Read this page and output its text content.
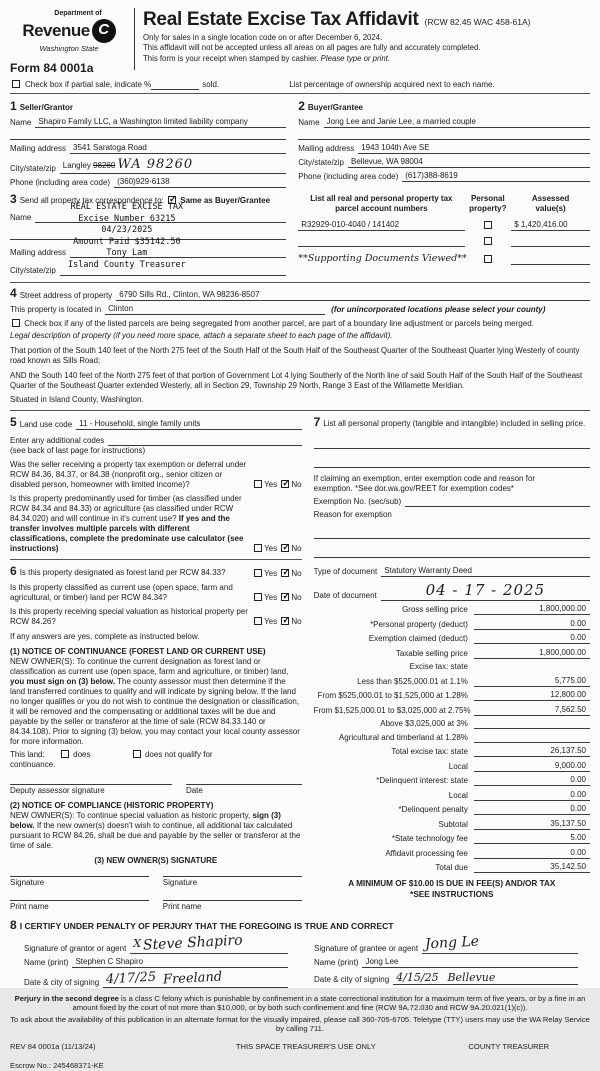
Department of
Revenue C
Washington State
Form 84 0001a
Real Estate Excise Tax Affidavit (RCW 82.45 WAC 458-61A)
Only for sales in a single location code on or after December 6, 2024.
This affidavit will not be accepted unless all areas on all pages are fully and accurately completed.
This form is your receipt when stamped by cashier. Please type or print.
Check box if partial sale, indicate %	sold.	List percentage of ownership acquired next to each name.
1 Seller/Grantor
Name Shapiro Family LLC, a Washington limited liability company
Mailing address 3541 Saratoga Road
City/state/zip Langley 98260 WA 98260
Phone (including area code) (360)929-6138
2 Buyer/Grantee
Name Jong Lee and Janie Lee, a married couple
Mailing address 1943 104th Ave SE
City/state/zip Bellevue, WA 98004
Phone (including area code) (617)388-8619
3 Send all property tax correspondence to: ✓ Same as Buyer/Grantee
REAL ESTATE EXCISE TAX
Excise Number 63215
04/23/2025
Amount Paid $35142.50
Tony Lam
Island County Treasurer
Name
Mailing address
City/state/zip
List all real and personal property tax parcel account numbers
Personal
property?
Assessed
value(s)
R32929-010-4040 / 141402	$ 1,420,416.00
**Supporting Documents Viewed**
4 Street address of property 6790 Sills Rd., Clinton, WA 98236-8507
This property is located in Clinton	(for unincorporated locations please select your county)
Check box if any of the listed parcels are being segregated from another parcel, are part of a boundary line adjustment or parcels being merged.
Legal description of property (if you need more space, attach a separate sheet to each page of the affidavit).

That portion of the South 140 feet of the North 275 feet of the South Half of the South Half of the Southeast Quarter of the Southeast Quarter lying Westerly of county road known as Sills Road;

AND the South 140 feet of the North 275 feet of that portion of Government Lot 4 lying Southerly of the North line of said South Half of the South Half of the Southeast Quarter of the Southeast Quarter extended Westerly, all in Section 29, Township 29 North, Range 3 East of the Willamette Meridian.

Situated in Island County, Washington.

5 Land use code 11 - Household, single family units
Enter any additional codes
(see back of last page for instructions)
Was the seller receiving a property tax exemption or deferral under RCW 84.36, 84.37, or 84.38 (nonprofit org., senior citizen or disabled person, homeowner with limited income)?	Yes ✓ No
Is this property predominantly used for timber (as classified under RCW 84.34 and 84.33) or agriculture (as classified under RCW 84.34.020) and will continue in it's current use? If yes and the transfer involves multiple parcels with different classifications, complete the predominate use calculator (see instructions)	Yes ✓ No
6 Is this property designated as forest land per RCW 84.33?	Yes ✓ No
Is this property classified as current use (open space, farm and agricultural, or timber) land per RCW 84.34?	Yes ✓ No
Is this property receiving special valuation as historical property per RCW 84.26?	Yes ✓ No
If any answers are yes, complete as instructed below.
(1) NOTICE OF CONTINUANCE (FOREST LAND OR CURRENT USE)
NEW OWNER(S): To continue the current designation as forest land or classification as current use (open space, farm and agriculture, or timber) land, you must sign on (3) below. The county assessor must then determine if the land transferred continues to qualify and will indicate by signing below. If the land no longer qualifies or you do not wish to continue the designation or classification, it will be removed and the compensating or additional taxes will be due and payable by the seller or transferor at the time of sale (RCW 84.33.140 or 84.34.108). Prior to signing (3) below, you may contact your local county assessor for more information.
This land:	does	does not qualify for
continuance.
Deputy assessor signature	Date
(2) NOTICE OF COMPLIANCE (HISTORIC PROPERTY)
NEW OWNER(S): To continue special valuation as historic property, sign (3) below. If the new owner(s) doesn't wish to continue, all additional tax calculated pursuant to RCW 84.26, shall be due and payable by the seller or transferor at the time of sale.
(3) NEW OWNER(S) SIGNATURE
Signature	Signature
Print name	Print name
7 List all personal property (tangible and intangible) included in selling price.
If claiming an exemption, enter exemption code and reason for
exemption. *See dor.wa.gov/REET for exemption codes*
Exemption No. (sec/sub)
Reason for exemption
Type of document Statutory Warranty Deed
Date of document	04 - 17 - 2025
Gross selling price	1,800,000.00
*Personal property (deduct)	0.00
Exemption claimed (deduct)	0.00
Taxable selling price	1,800,000.00
Excise tax: state
Less than $525,000.01 at 1.1%	5,775.00
From $525,000.01 to $1,525,000 at 1.28%	12,800.00
From $1,525,000.01 to $3,025,000 at 2.75%	7,562.50
Above $3,025,000 at 3%
Agricultural and timberland at 1.28%
Total excise tax: state	26,137.50
Local	9,000.00
*Delinquent interest: state	0.00
Local	0.00
*Delinquent penalty	0.00
Subtotal	35,137.50
*State technology fee	5.00
Affidavit processing fee	0.00
Total due	35,142.50
A MINIMUM OF $10.00 IS DUE IN FEE(S) AND/OR TAX
*SEE INSTRUCTIONS
8 I CERTIFY UNDER PENALTY OF PERJURY THAT THE FOREGOING IS TRUE AND CORRECT
Signature of grantor or agent X Steve Shapiro
Name (print) Stephen C Shapiro
Date & city of signing 4/17/25 Freeland
Signature of grantee or agent Jong Le
Name (print) Jong Lee
Date & city of signing 4/15/25 Bellevue
Perjury in the second degree is a class C felony which is punishable by confinement in a state correctional institution for a maximum term of five years, or by a fine in an amount fixed by the court of not more than $10,000, or by both such confinement and fine (RCW 9A.72.030 and RCW 9A.20.021(1)(c)).
To ask about the availability of this publication in an alternate format for the visually impaired, please call 360-705-6705. Teletype (TTY) users may use the WA Relay Service by calling 711.
REV 84 0001a (11/13/24)	THIS SPACE TREASURER'S USE ONLY	COUNTY TREASURER
Escrow No.: 245468371-KE
